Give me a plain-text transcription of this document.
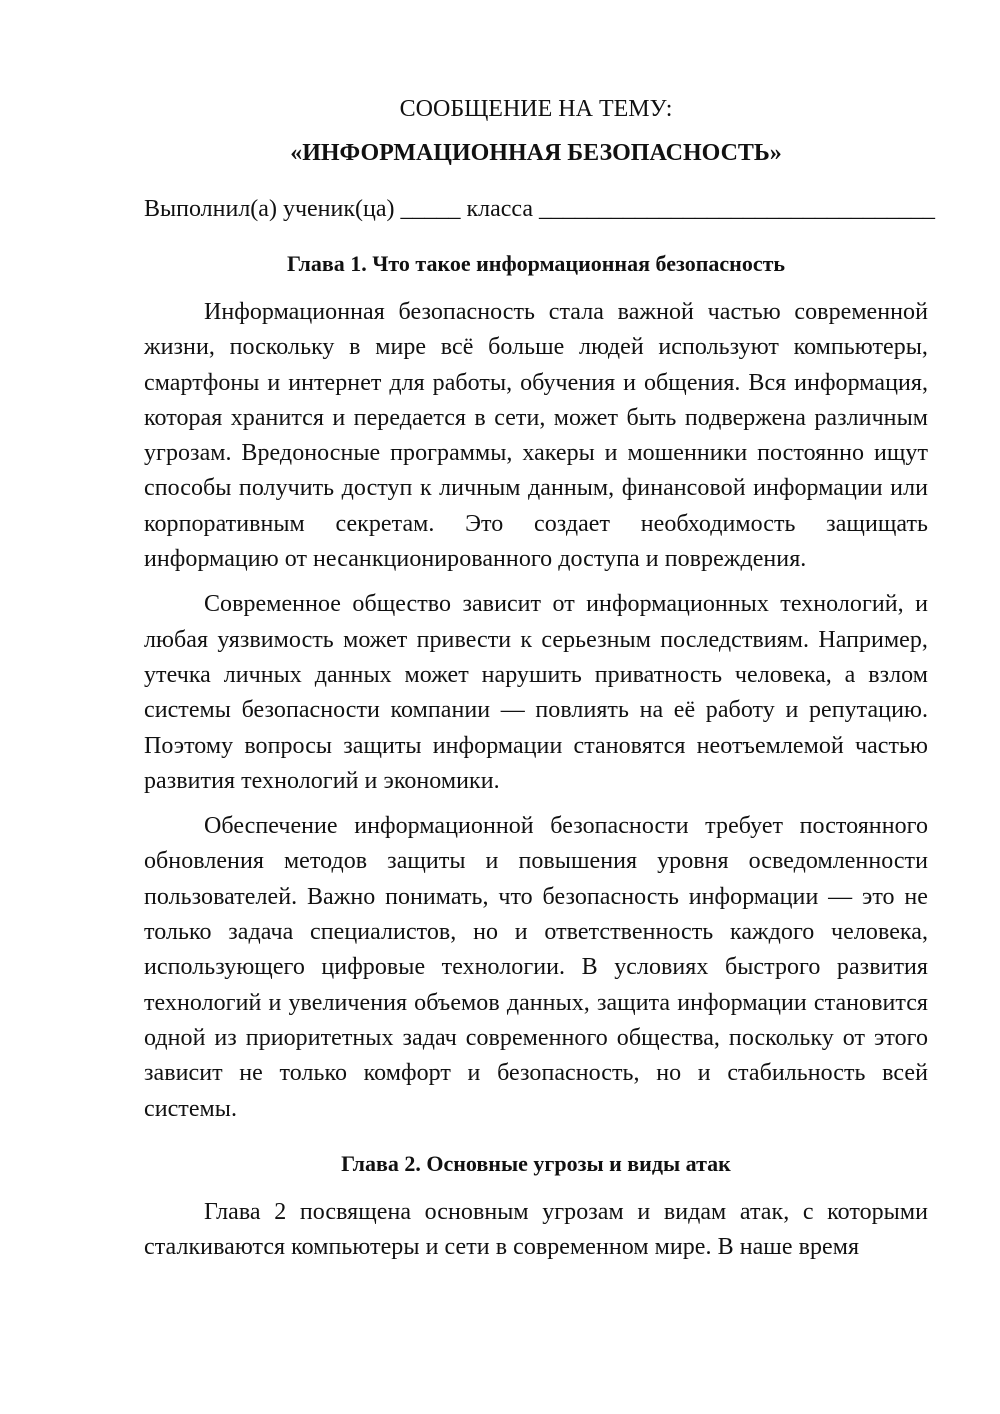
СООБЩЕНИЕ НА ТЕМУ:

«ИНФОРМАЦИОННАЯ БЕЗОПАСНОСТЬ»

Выполнил(а) ученик(ца) _____ класса _________________________________

Глава 1. Что такое информационная безопасность

Информационная безопасность стала важной частью современной жизни, поскольку в мире всё больше людей используют компьютеры, смартфоны и интернет для работы, обучения и общения. Вся информация, которая хранится и передается в сети, может быть подвержена различным угрозам. Вредоносные программы, хакеры и мошенники постоянно ищут способы получить доступ к личным данным, финансовой информации или корпоративным секретам. Это создает необходимость защищать информацию от несанкционированного доступа и повреждения.

Современное общество зависит от информационных технологий, и любая уязвимость может привести к серьезным последствиям. Например, утечка личных данных может нарушить приватность человека, а взлом системы безопасности компании — повлиять на её работу и репутацию. Поэтому вопросы защиты информации становятся неотъемлемой частью развития технологий и экономики.

Обеспечение информационной безопасности требует постоянного обновления методов защиты и повышения уровня осведомленности пользователей. Важно понимать, что безопасность информации — это не только задача специалистов, но и ответственность каждого человека, использующего цифровые технологии. В условиях быстрого развития технологий и увеличения объемов данных, защита информации становится одной из приоритетных задач современного общества, поскольку от этого зависит не только комфорт и безопасность, но и стабильность всей системы.

Глава 2. Основные угрозы и виды атак

Глава 2 посвящена основным угрозам и видам атак, с которыми сталкиваются компьютеры и сети в современном мире. В наше время
